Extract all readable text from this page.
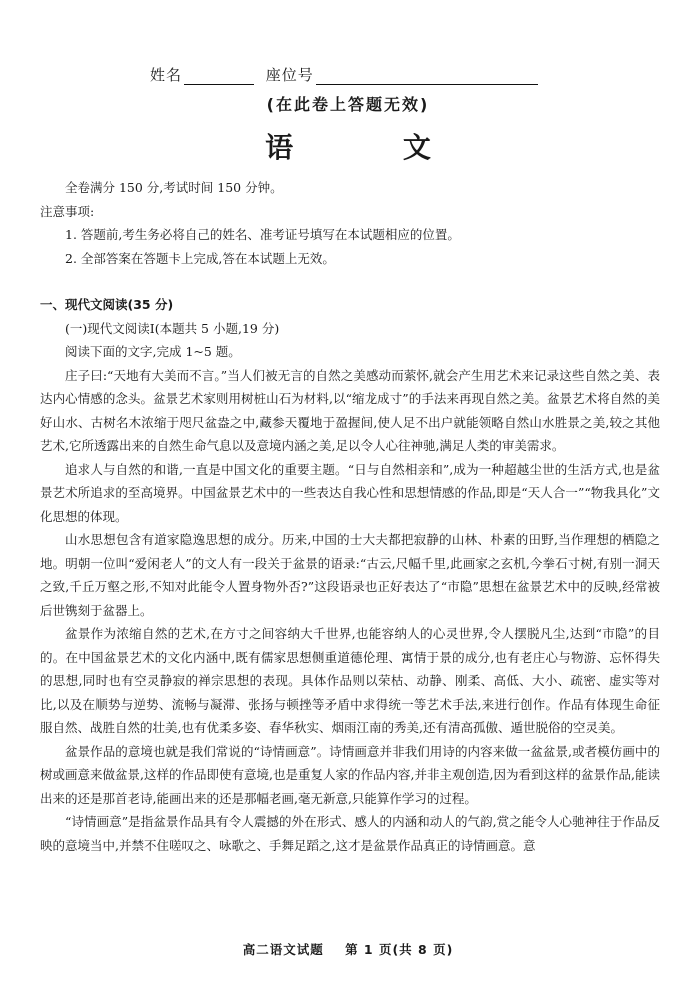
姓名	座位号
(在此卷上答题无效)
语 文

全卷满分 150 分,考试时间 150 分钟。

注意事项:

1. 答题前,考生务必将自己的姓名、准考证号填写在本试题相应的位置。

2. 全部答案在答题卡上完成,答在本试题上无效。

一、现代文阅读(35 分)

(一)现代文阅读Ⅰ(本题共 5 小题,19 分)

阅读下面的文字,完成 1~5 题。

庄子曰:“天地有大美而不言。”当人们被无言的自然之美感动而萦怀,就会产生用艺术来记录这些自然之美、表达内心情感的念头。盆景艺术家则用树桩山石为材料,以“缩龙成寸”的手法来再现自然之美。盆景艺术将自然的美好山水、古树名木浓缩于咫尺盆盎之中,藏参天覆地于盈握间,使人足不出户就能领略自然山水胜景之美,较之其他艺术,它所透露出来的自然生命气息以及意境内涵之美,足以令人心往神驰,满足人类的审美需求。

追求人与自然的和谐,一直是中国文化的重要主题。“日与自然相亲和”,成为一种超越尘世的生活方式,也是盆景艺术所追求的至高境界。中国盆景艺术中的一些表达自我心性和思想情感的作品,即是“天人合一”“物我具化”文化思想的体现。

山水思想包含有道家隐逸思想的成分。历来,中国的士大夫都把寂静的山林、朴素的田野,当作理想的栖隐之地。明朝一位叫“爱闲老人”的文人有一段关于盆景的语录:“古云,尺幅千里,此画家之玄机,今拳石寸树,有别一洞天之致,千丘万壑之形,不知对此能令人置身物外否?”这段语录也正好表达了“市隐”思想在盆景艺术中的反映,经常被后世镌刻于盆器上。

盆景作为浓缩自然的艺术,在方寸之间容纳大千世界,也能容纳人的心灵世界,令人摆脱凡尘,达到“市隐”的目的。在中国盆景艺术的文化内涵中,既有儒家思想侧重道德伦理、寓情于景的成分,也有老庄心与物游、忘怀得失的思想,同时也有空灵静寂的禅宗思想的表现。具体作品则以荣枯、动静、刚柔、高低、大小、疏密、虚实等对比,以及在顺势与逆势、流畅与凝滞、张扬与顿挫等矛盾中求得统一等艺术手法,来进行创作。作品有体现生命征服自然、战胜自然的壮美,也有优柔多姿、春华秋实、烟雨江南的秀美,还有清高孤傲、遁世脱俗的空灵美。

盆景作品的意境也就是我们常说的“诗情画意”。诗情画意并非我们用诗的内容来做一盆盆景,或者模仿画中的树或画意来做盆景,这样的作品即使有意境,也是重复人家的作品内容,并非主观创造,因为看到这样的盆景作品,能读出来的还是那首老诗,能画出来的还是那幅老画,毫无新意,只能算作学习的过程。

“诗情画意”是指盆景作品具有令人震撼的外在形式、感人的内涵和动人的气韵,赏之能令人心驰神往于作品反映的意境当中,并禁不住嗟叹之、咏歌之、手舞足蹈之,这才是盆景作品真正的诗情画意。意

高二语文试题 第 1 页(共 8 页)
